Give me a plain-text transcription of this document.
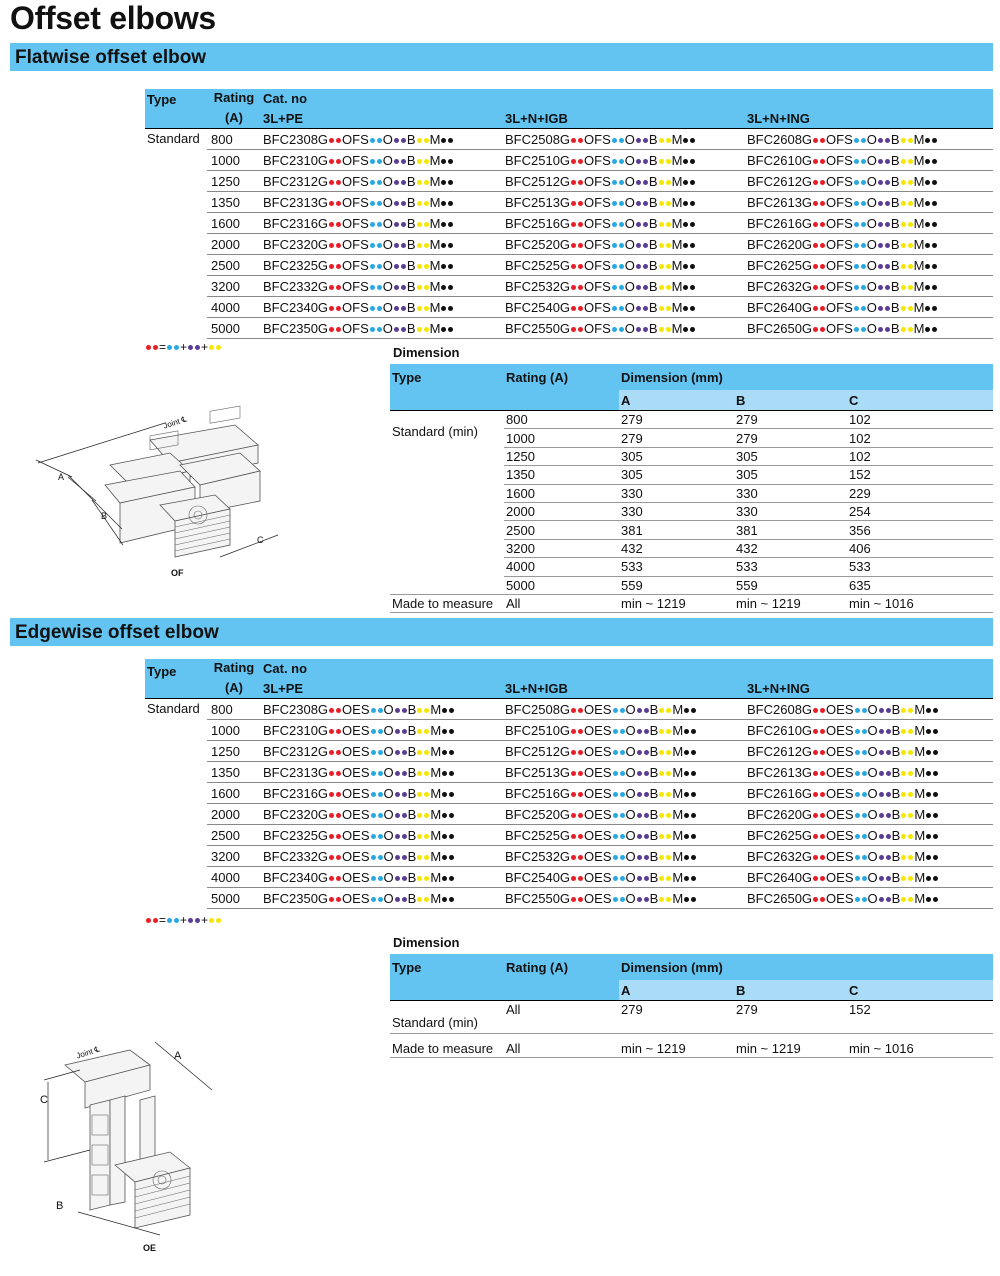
Offset elbows
Flatwise offset elbow
Type	Rating	Cat. no		
	(A)	3L+PE	3L+N+IGB	3L+N+ING
Standard	800	BFC2308G OFS O B M	BFC2508G OFS O B M	BFC2608G OFS O B M
	1000	BFC2310G OFS O B M	BFC2510G OFS O B M	BFC2610G OFS O B M
	1250	BFC2312G OFS O B M	BFC2512G OFS O B M	BFC2612G OFS O B M
	1350	BFC2313G OFS O B M	BFC2513G OFS O B M	BFC2613G OFS O B M
	1600	BFC2316G OFS O B M	BFC2516G OFS O B M	BFC2616G OFS O B M
	2000	BFC2320G OFS O B M	BFC2520G OFS O B M	BFC2620G OFS O B M
	2500	BFC2325G OFS O B M	BFC2525G OFS O B M	BFC2625G OFS O B M
	3200	BFC2332G OFS O B M	BFC2532G OFS O B M	BFC2632G OFS O B M
	4000	BFC2340G OFS O B M	BFC2540G OFS O B M	BFC2640G OFS O B M
	5000	BFC2350G OFS O B M	BFC2550G OFS O B M	BFC2650G OFS O B M
= + +	Dimension
Type	Rating (A)	Dimension (mm)		
		A	B	C
Standard (min)	800	279	279	102
	1000	279	279	102
	1250	305	305	102
	1350	305	305	152
	1600	330	330	229
	2000	330	330	254
	2500	381	381	356
	3200	432	432	406
	4000	533	533	533
	5000	559	559	635
Made to measure	All	min ~ 1219	min ~ 1219	min ~ 1016
Joint ℄
A
B
C
OF
Edgewise offset elbow
Type	Rating	Cat. no		
	(A)	3L+PE	3L+N+IGB	3L+N+ING
Standard	800	BFC2308G OES O B M	BFC2508G OES O B M	BFC2608G OES O B M
	1000	BFC2310G OES O B M	BFC2510G OES O B M	BFC2610G OES O B M
	1250	BFC2312G OES O B M	BFC2512G OES O B M	BFC2612G OES O B M
	1350	BFC2313G OES O B M	BFC2513G OES O B M	BFC2613G OES O B M
	1600	BFC2316G OES O B M	BFC2516G OES O B M	BFC2616G OES O B M
	2000	BFC2320G OES O B M	BFC2520G OES O B M	BFC2620G OES O B M
	2500	BFC2325G OES O B M	BFC2525G OES O B M	BFC2625G OES O B M
	3200	BFC2332G OES O B M	BFC2532G OES O B M	BFC2632G OES O B M
	4000	BFC2340G OES O B M	BFC2540G OES O B M	BFC2640G OES O B M
	5000	BFC2350G OES O B M	BFC2550G OES O B M	BFC2650G OES O B M
= + +
Dimension
Type	Rating (A)	Dimension (mm)		
		A	B	C
Standard (min)	All	279	279	152

Made to measure	All	min ~ 1219	min ~ 1219	min ~ 1016
Joint ℄	A
C
B
OE
